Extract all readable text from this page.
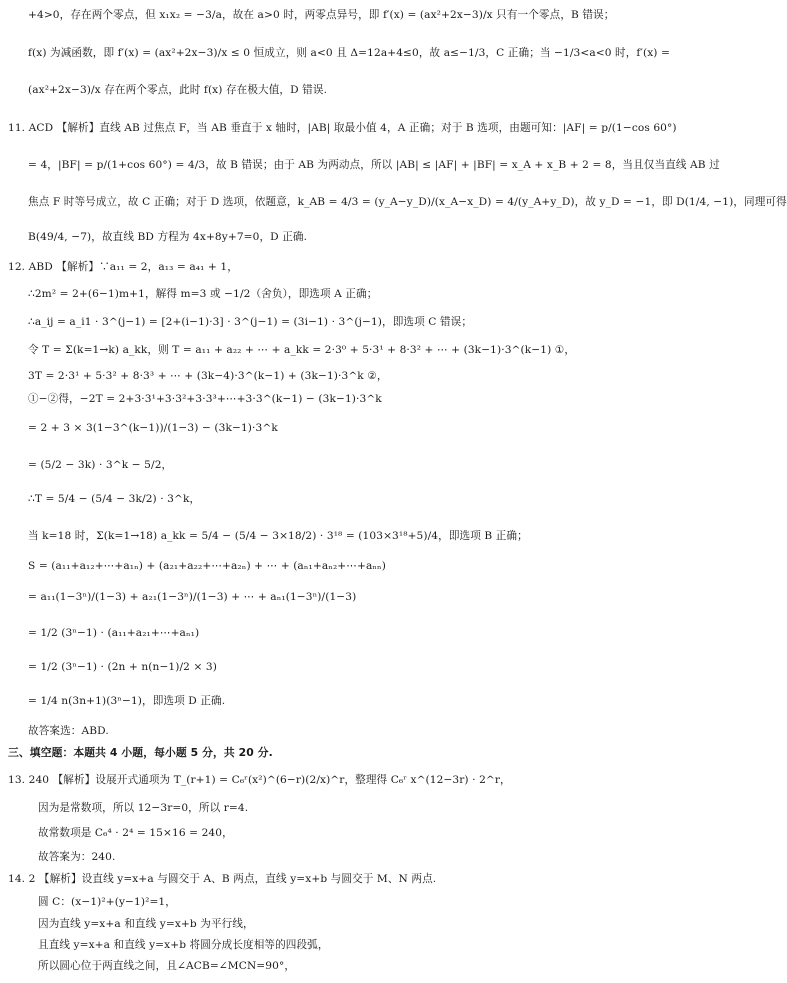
+4>0，存在两个零点，但 x₁x₂ = −3/a，故在 a>0 时，两零点异号，即 f′(x) = (ax²+2x−3)/x 只有一个零点，B 错误；
f(x) 为减函数，即 f′(x) = (ax²+2x−3)/x ≤ 0 恒成立，则 a<0 且 Δ=12a+4≤0，故 a≤−1/3，C 正确；当 −1/3<a<0 时，f′(x) =
(ax²+2x−3)/x 存在两个零点，此时 f(x) 存在极大值，D 错误.
11. ACD 【解析】直线 AB 过焦点 F，当 AB 垂直于 x 轴时，|AB| 取最小值 4，A 正确；对于 B 选项，由题可知：|AF| = p/(1−cos 60°)
= 4，|BF| = p/(1+cos 60°) = 4/3，故 B 错误；由于 AB 为两动点，所以 |AB| ≤ |AF| + |BF| = x_A + x_B + 2 = 8，当且仅当直线 AB 过
焦点 F 时等号成立，故 C 正确；对于 D 选项，依题意，k_AB = 4/3 = (y_A−y_D)/(x_A−x_D) = 4/(y_A+y_D)，故 y_D = −1，即 D(1/4, −1)，同理可得
B(49/4, −7)，故直线 BD 方程为 4x+8y+7=0，D 正确.
12. ABD 【解析】∵a₁₁ = 2，a₁₃ = a₄₁ + 1，
∴2m² = 2+(6−1)m+1，解得 m=3 或 −1/2（舍负），即选项 A 正确；
∴a_ij = a_i1 · 3^(j−1) = [2+(i−1)·3] · 3^(j−1) = (3i−1) · 3^(j−1)，即选项 C 错误；
令 T = Σ(k=1→k) a_kk，则 T = a₁₁ + a₂₂ + ⋯ + a_kk = 2·3⁰ + 5·3¹ + 8·3² + ⋯ + (3k−1)·3^(k−1) ①，
3T = 2·3¹ + 5·3² + 8·3³ + ⋯ + (3k−4)·3^(k−1) + (3k−1)·3^k ②，
①−②得，−2T = 2+3·3¹+3·3²+3·3³+⋯+3·3^(k−1) − (3k−1)·3^k
= 2 + 3 × 3(1−3^(k−1))/(1−3) − (3k−1)·3^k
= (5/2 − 3k) · 3^k − 5/2，
∴T = 5/4 − (5/4 − 3k/2) · 3^k，
当 k=18 时，Σ(k=1→18) a_kk = 5/4 − (5/4 − 3×18/2) · 3¹⁸ = (103×3¹⁸+5)/4，即选项 B 正确；
S = (a₁₁+a₁₂+⋯+a₁ₙ) + (a₂₁+a₂₂+⋯+a₂ₙ) + ⋯ + (aₙ₁+aₙ₂+⋯+aₙₙ)
= a₁₁(1−3ⁿ)/(1−3) + a₂₁(1−3ⁿ)/(1−3) + ⋯ + aₙ₁(1−3ⁿ)/(1−3)
= 1/2 (3ⁿ−1) · (a₁₁+a₂₁+⋯+aₙ₁)
= 1/2 (3ⁿ−1) · (2n + n(n−1)/2 × 3)
= 1/4 n(3n+1)(3ⁿ−1)，即选项 D 正确.
故答案选：ABD.
三、填空题：本题共 4 小题，每小题 5 分，共 20 分.
13. 240 【解析】设展开式通项为 T_(r+1) = C₆ʳ(x²)^(6−r)(2/x)^r，整理得 C₆ʳ x^(12−3r) · 2^r，
因为是常数项，所以 12−3r=0，所以 r=4.
故常数项是 C₆⁴ · 2⁴ = 15×16 = 240，
故答案为：240.
14. 2 【解析】设直线 y=x+a 与圆交于 A、B 两点，直线 y=x+b 与圆交于 M、N 两点.
圆 C：(x−1)²+(y−1)²=1，
因为直线 y=x+a 和直线 y=x+b 为平行线，
且直线 y=x+a 和直线 y=x+b 将圆分成长度相等的四段弧，
所以圆心位于两直线之间，且∠ACB=∠MCN=90°，
